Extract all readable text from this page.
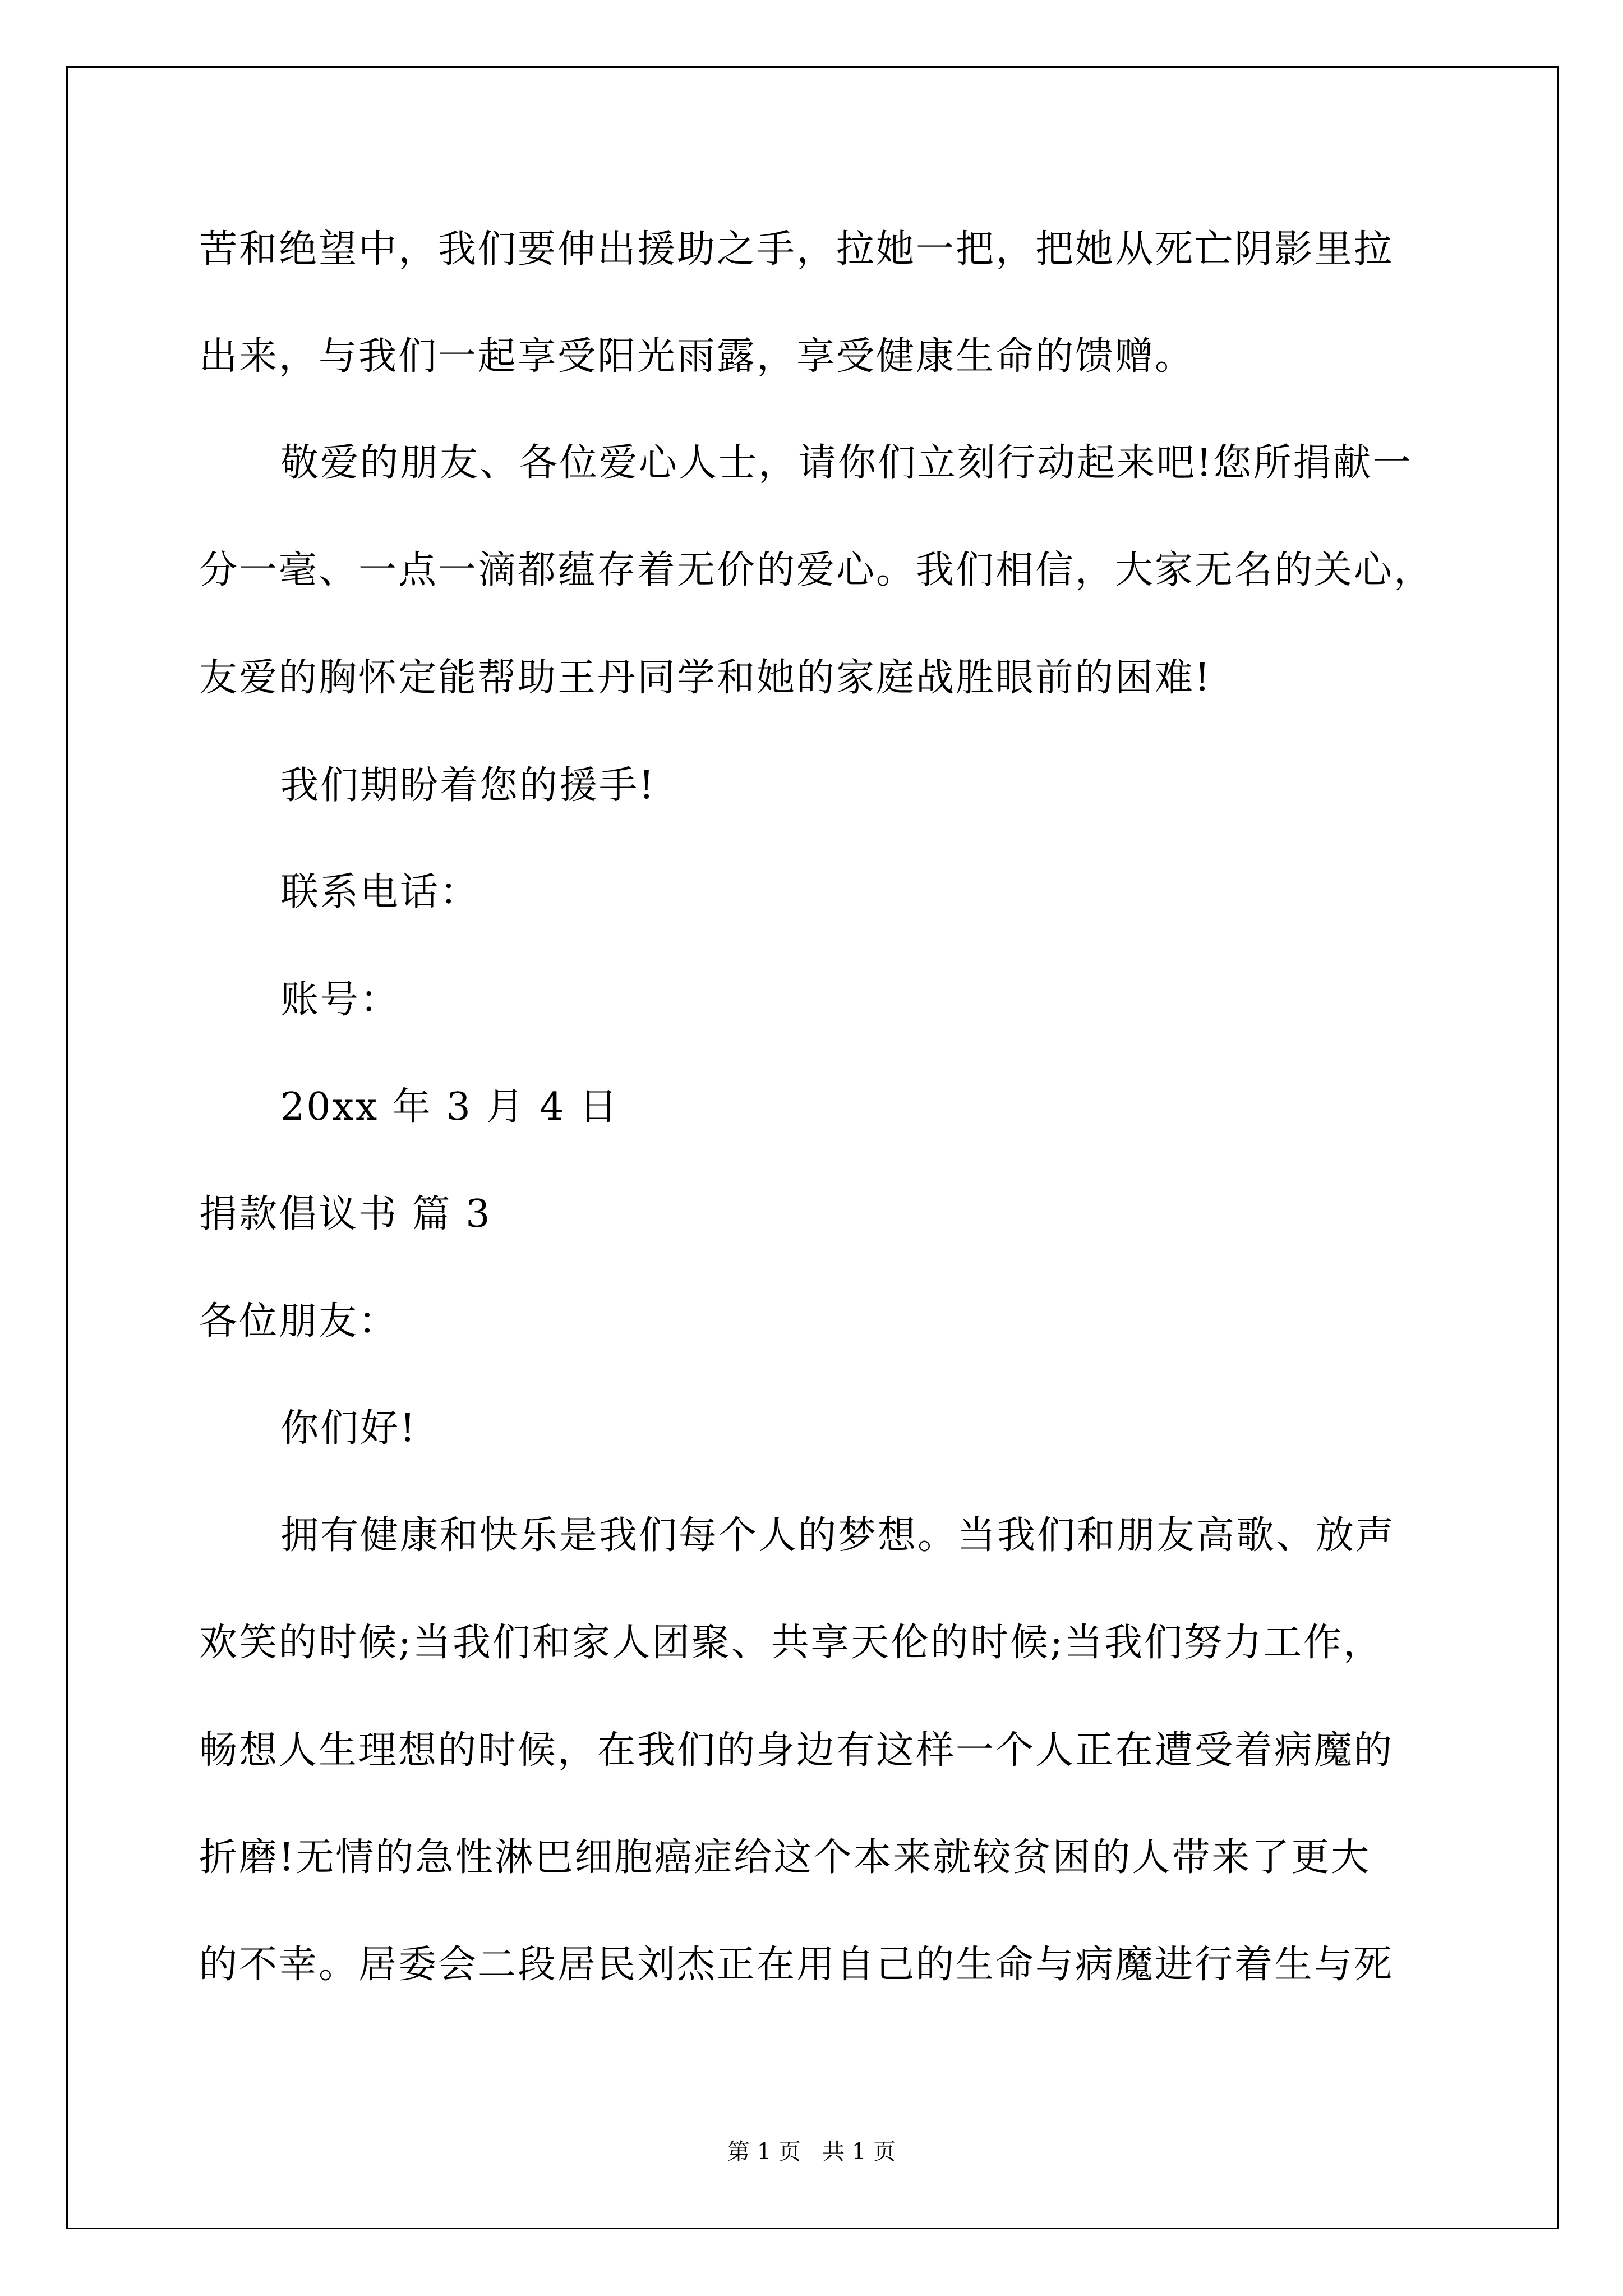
苦和绝望中，我们要伸出援助之手，拉她一把，把她从死亡阴影里拉
出来，与我们一起享受阳光雨露，享受健康生命的馈赠。
敬爱的朋友、各位爱心人士，请你们立刻行动起来吧!您所捐献一
分一毫、一点一滴都蕴存着无价的爱心。我们相信，大家无名的关心，
友爱的胸怀定能帮助王丹同学和她的家庭战胜眼前的困难!
我们期盼着您的援手!
联系电话：
账号：
20xx 年 3 月 4 日
捐款倡议书 篇 3
各位朋友：
你们好!
拥有健康和快乐是我们每个人的梦想。当我们和朋友高歌、放声
欢笑的时候;当我们和家人团聚、共享天伦的时候;当我们努力工作，
畅想人生理想的时候，在我们的身边有这样一个人正在遭受着病魔的
折磨!无情的急性淋巴细胞癌症给这个本来就较贫困的人带来了更大
的不幸。居委会二段居民刘杰正在用自己的生命与病魔进行着生与死
第 1 页   共 1 页
